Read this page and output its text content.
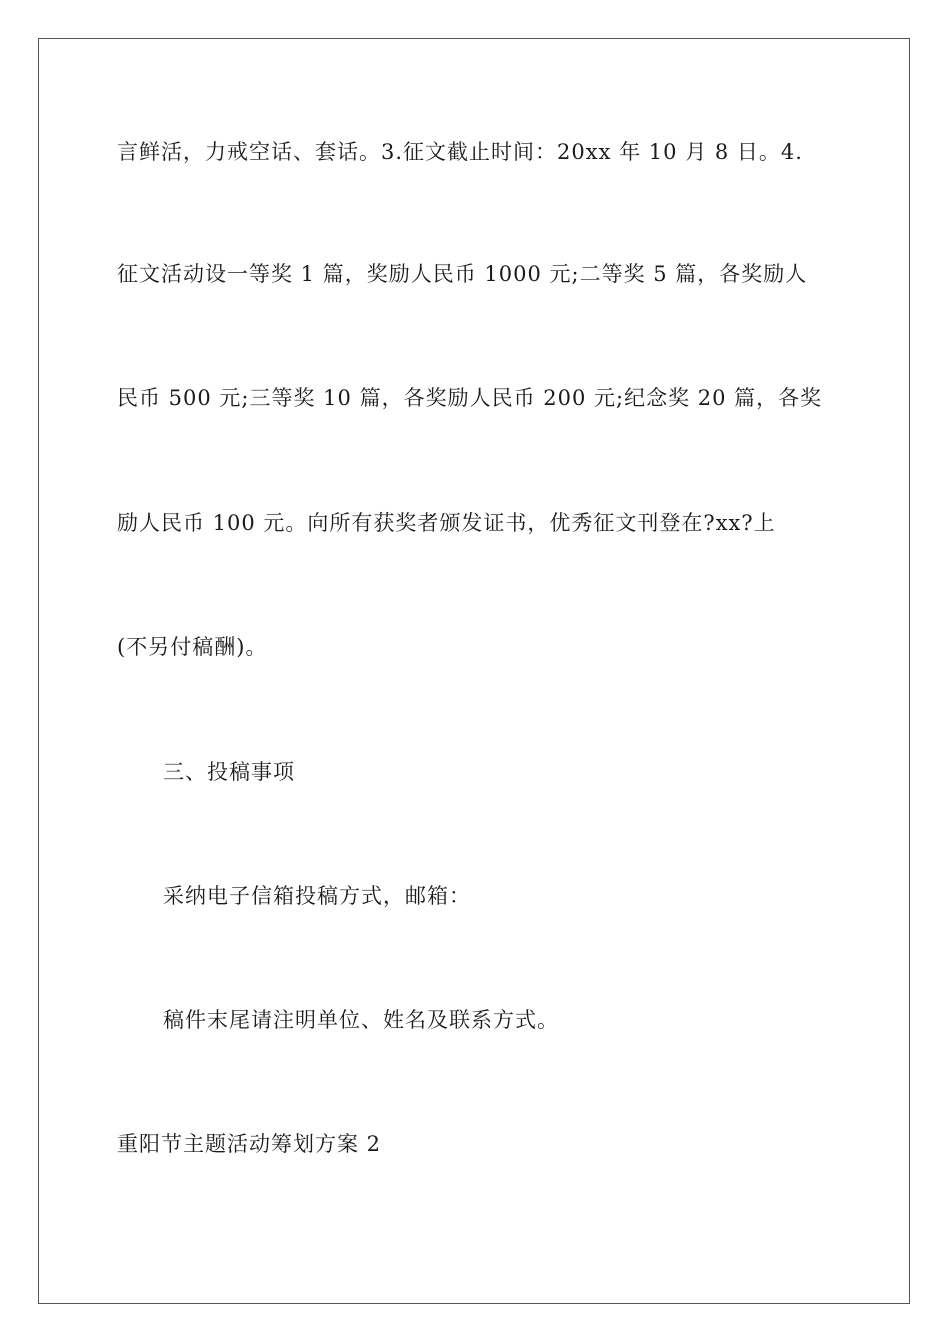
言鲜活，力戒空话、套话。3.征文截止时间：20xx 年 10 月 8 日。4.
征文活动设一等奖 1 篇，奖励人民币 1000 元;二等奖 5 篇，各奖励人
民币 500 元;三等奖 10 篇，各奖励人民币 200 元;纪念奖 20 篇，各奖
励人民币 100 元。向所有获奖者颁发证书，优秀征文刊登在?xx?上
(不另付稿酬)。
三、投稿事项
采纳电子信箱投稿方式，邮箱：
稿件末尾请注明单位、姓名及联系方式。
重阳节主题活动筹划方案 2
